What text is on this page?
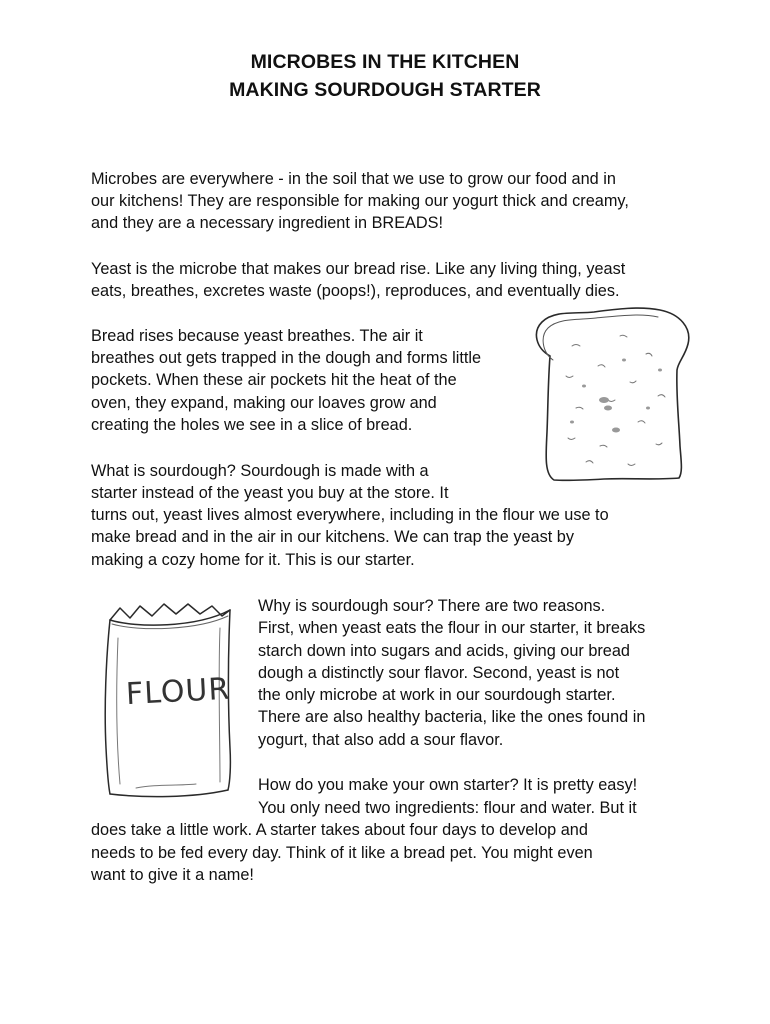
MICROBES IN THE KITCHEN
MAKING SOURDOUGH STARTER
Microbes are everywhere - in the soil that we use to grow our food and in
our kitchens! They are responsible for making our yogurt thick and creamy,
and they are a necessary ingredient in BREADS!
Yeast is the microbe that makes our bread rise. Like any living thing, yeast
eats, breathes, excretes waste (poops!), reproduces, and eventually dies.
Bread rises because yeast breathes. The air it
breathes out gets trapped in the dough and forms little
pockets. When these air pockets hit the heat of the
oven, they expand, making our loaves grow and
creating the holes we see in a slice of bread.
What is sourdough? Sourdough is made with a
starter instead of the yeast you buy at the store. It
turns out, yeast lives almost everywhere, including in the flour we use to
make bread and in the air in our kitchens. We can trap the yeast by
making a cozy home for it. This is our starter.
Why is sourdough sour? There are two reasons.
First, when yeast eats the flour in our starter, it breaks
starch down into sugars and acids, giving our bread
dough a distinctly sour flavor. Second, yeast is not
the only microbe at work in our sourdough starter.
There are also healthy bacteria, like the ones found in
yogurt, that also add a sour flavor.
How do you make your own starter? It is pretty easy!
You only need two ingredients: flour and water. But it
does take a little work. A starter takes about four days to develop and
needs to be fed every day. Think of it like a bread pet. You might even
want to give it a name!
FLOUR
